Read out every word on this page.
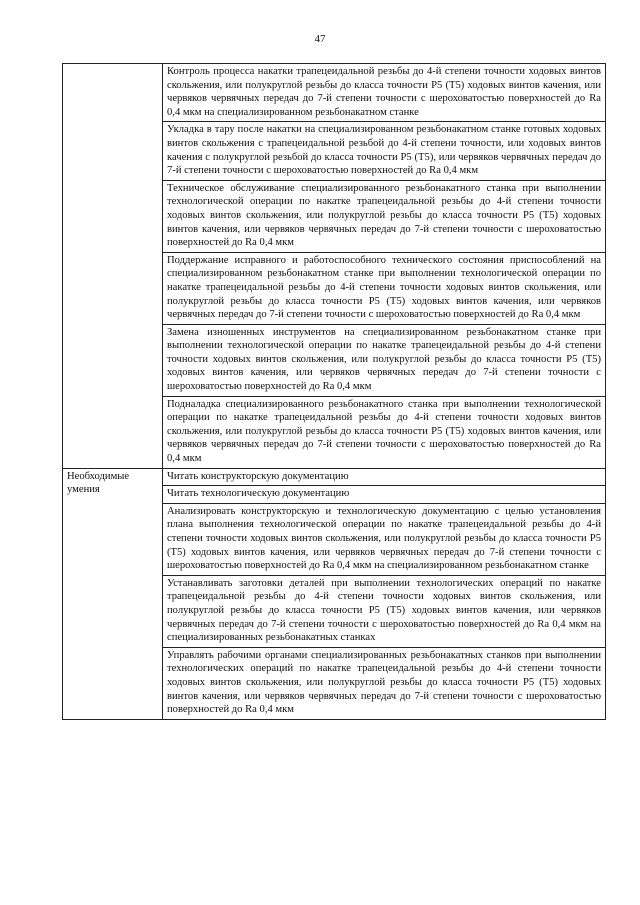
47
	Контроль процесса накатки трапецеидальной резьбы до 4-й степени точности ходовых винтов скольжения, или полукруглой резьбы до класса точности P5 (T5) ходовых винтов качения, или червяков червячных передач до 7-й степени точности с шероховатостью поверхностей до Ra 0,4 мкм на специализированном резьбонакатном станке
	Укладка в тару после накатки на специализированном резьбонакатном станке готовых ходовых винтов скольжения с трапецеидальной резьбой до 4-й степени точности, или ходовых винтов качения с полукруглой резьбой до класса точности P5 (T5), или червяков червячных передач до 7-й степени точности с шероховатостью поверхностей до Ra 0,4 мкм
	Техническое обслуживание специализированного резьбонакатного станка при выполнении технологической операции по накатке трапецеидальной резьбы до 4-й степени точности ходовых винтов скольжения, или полукруглой резьбы до класса точности P5 (T5) ходовых винтов качения, или червяков червячных передач до 7-й степени точности с шероховатостью поверхностей до Ra 0,4 мкм
	Поддержание исправного и работоспособного технического состояния приспособлений на специализированном резьбонакатном станке при выполнении технологической операции по накатке трапецеидальной резьбы до 4-й степени точности ходовых винтов скольжения, или полукруглой резьбы до класса точности P5 (T5) ходовых винтов качения, или червяков червячных передач до 7-й степени точности с шероховатостью поверхностей до Ra 0,4 мкм
	Замена изношенных инструментов на специализированном резьбонакатном станке при выполнении технологической операции по накатке трапецеидальной резьбы до 4-й степени точности ходовых винтов скольжения, или полукруглой резьбы до класса точности P5 (T5) ходовых винтов качения, или червяков червячных передач до 7-й степени точности с шероховатостью поверхностей до Ra 0,4 мкм
	Подналадка специализированного резьбонакатного станка при выполнении технологической операции по накатке трапецеидальной резьбы до 4-й степени точности ходовых винтов скольжения, или полукруглой резьбы до класса точности P5 (T5) ходовых винтов качения, или червяков червячных передач до 7-й степени точности с шероховатостью поверхностей до Ra 0,4 мкм
Необходимые умения	Читать конструкторскую документацию
	Читать технологическую документацию
	Анализировать конструкторскую и технологическую документацию с целью установления плана выполнения технологической операции по накатке трапецеидальной резьбы до 4-й степени точности ходовых винтов скольжения, или полукруглой резьбы до класса точности P5 (T5) ходовых винтов качения, или червяков червячных передач до 7-й степени точности с шероховатостью поверхностей до Ra 0,4 мкм на специализированном резьбонакатном станке
	Устанавливать заготовки деталей при выполнении технологических операций по накатке трапецеидальной резьбы до 4-й степени точности ходовых винтов скольжения, или полукруглой резьбы до класса точности P5 (T5) ходовых винтов качения, или червяков червячных передач до 7-й степени точности с шероховатостью поверхностей до Ra 0,4 мкм на специализированных резьбонакатных станках
	Управлять рабочими органами специализированных резьбонакатных станков при выполнении технологических операций по накатке трапецеидальной резьбы до 4-й степени точности ходовых винтов скольжения, или полукруглой резьбы до класса точности P5 (T5) ходовых винтов качения, или червяков червячных передач до 7-й степени точности с шероховатостью поверхностей до Ra 0,4 мкм
